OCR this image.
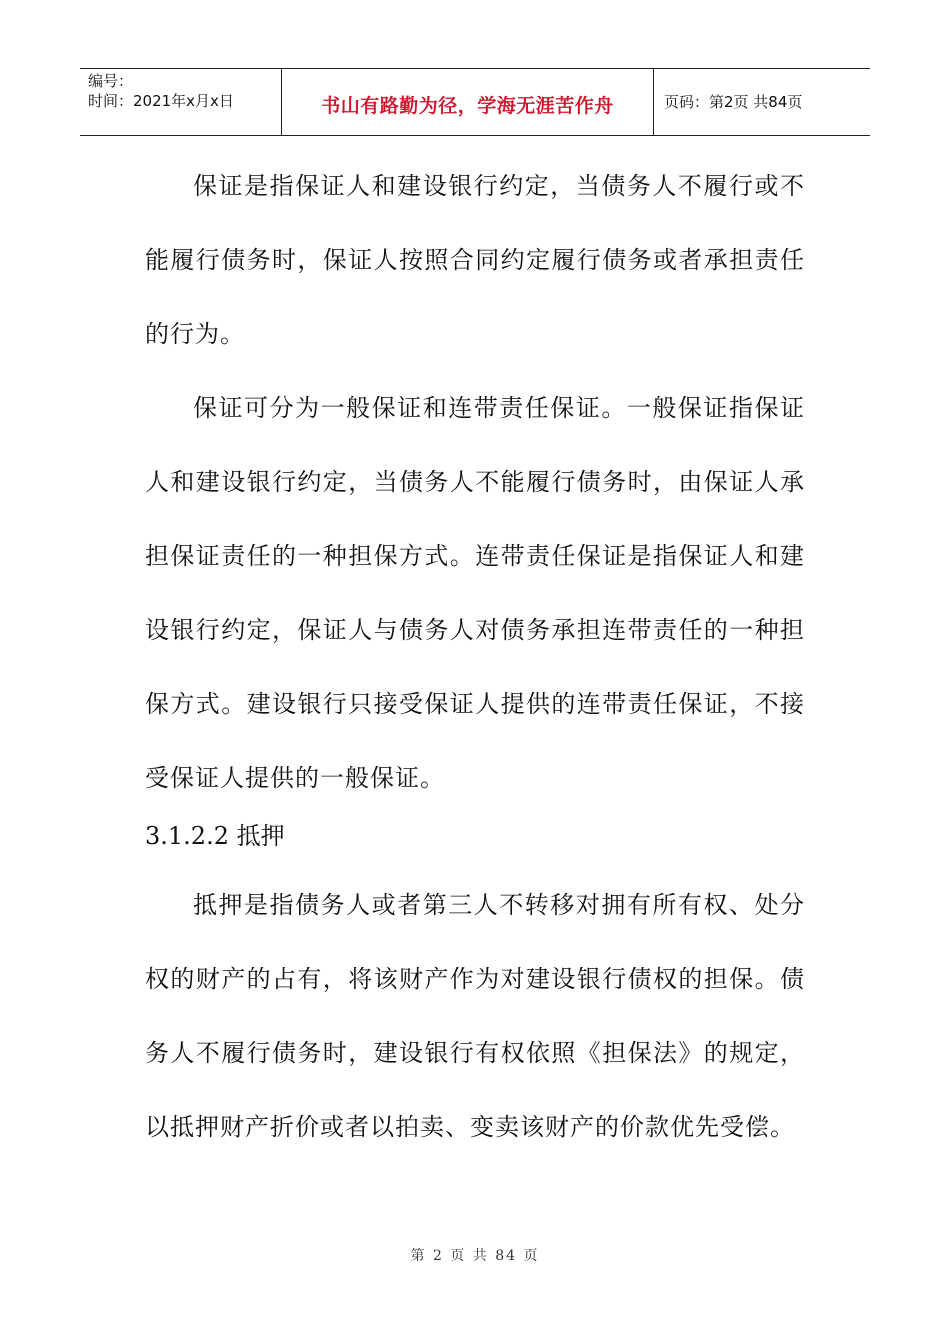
编号：
时间：2021年x月x日	书山有路勤为径，学海无涯苦作舟	页码：第2页 共84页

保证是指保证人和建设银行约定，当债务人不履行或不能履行债务时，保证人按照合同约定履行债务或者承担责任的行为。

保证可分为一般保证和连带责任保证。一般保证指保证人和建设银行约定，当债务人不能履行债务时，由保证人承担保证责任的一种担保方式。连带责任保证是指保证人和建设银行约定，保证人与债务人对债务承担连带责任的一种担保方式。建设银行只接受保证人提供的连带责任保证，不接受保证人提供的一般保证。

3.1.2.2 抵押

抵押是指债务人或者第三人不转移对拥有所有权、处分权的财产的占有，将该财产作为对建设银行债权的担保。债务人不履行债务时，建设银行有权依照《担保法》的规定，以抵押财产折价或者以拍卖、变卖该财产的价款优先受偿。

第 2 页 共 84 页
